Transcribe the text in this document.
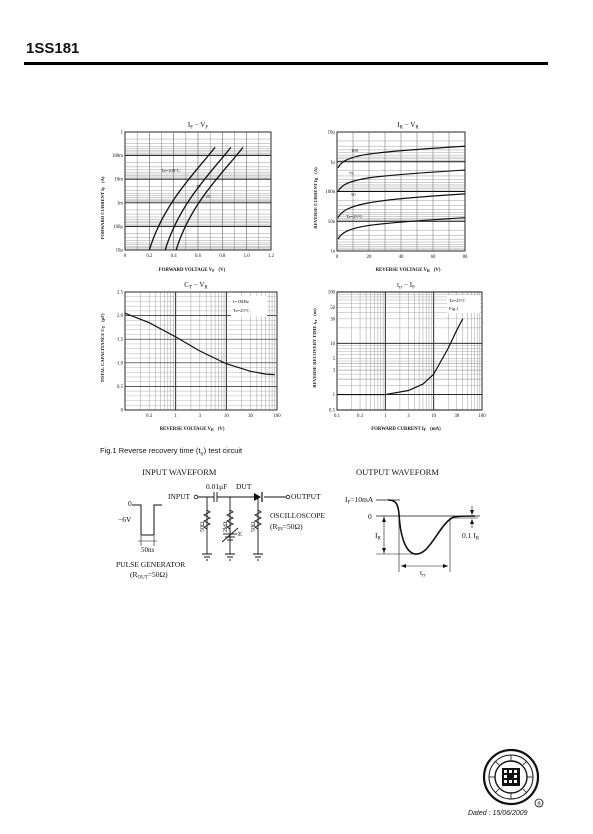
1SS181
$I_F - V_F$
0	0.2	0.4	0.6	0.8	1.0	1.2
1
100m
10m
1m
100μ
10μ
Ta=100°C
75
−25
FORWARD CURRENT $I_F(A)$
FORWARD VOLTAGE $V_F$ (V)
$I_R - V_R$
0	20	40	60	80
10μ
1μ
100n
10n
1n
100
75
50
Ta=25°C
REVERSE CURRENT $I_R(A)$
REVERSE VOLTAGE $V_R$ (V)
$C_T - V_R$
0.3	1	3	10	30	100
2.5
2.0
1.5
1.0
0.5
0
f=1MHz
Ta=25°C
TOTAL CAPACITANCE $C_T(pF)$
REVERSE VOLTAGE $V_R$ (V)
$t_{rr} - I_F$
0.1	0.3	1	3	10	30	100
100
50
30
10
5
3
1
0.5
Ta=25°C
Fig.1
REVERSE RECOVERY TIME $t_{rr}(ns)$
FORWARD CURRENT $I_F$ (mA)
Fig.1 Reverse recovery time $(t_{rr})$ test circuit
INPUT WAVEFORM	OUTPUT WAVEFORM
0
−6V
50ns
INPUT
0.01μF DUT
OUTPUT
E
OSCILLOSCOPE
$(R_{IN}=50\Omega)$
PULSE GENERATOR
$(R_{OUT}=50\Omega)$
50Ω	2kΩ	50Ω
$I_F=10mA$
0
$I_R$	0.1 $I_R$
$t_{rr}$
®
Dated : 15/06/2009
